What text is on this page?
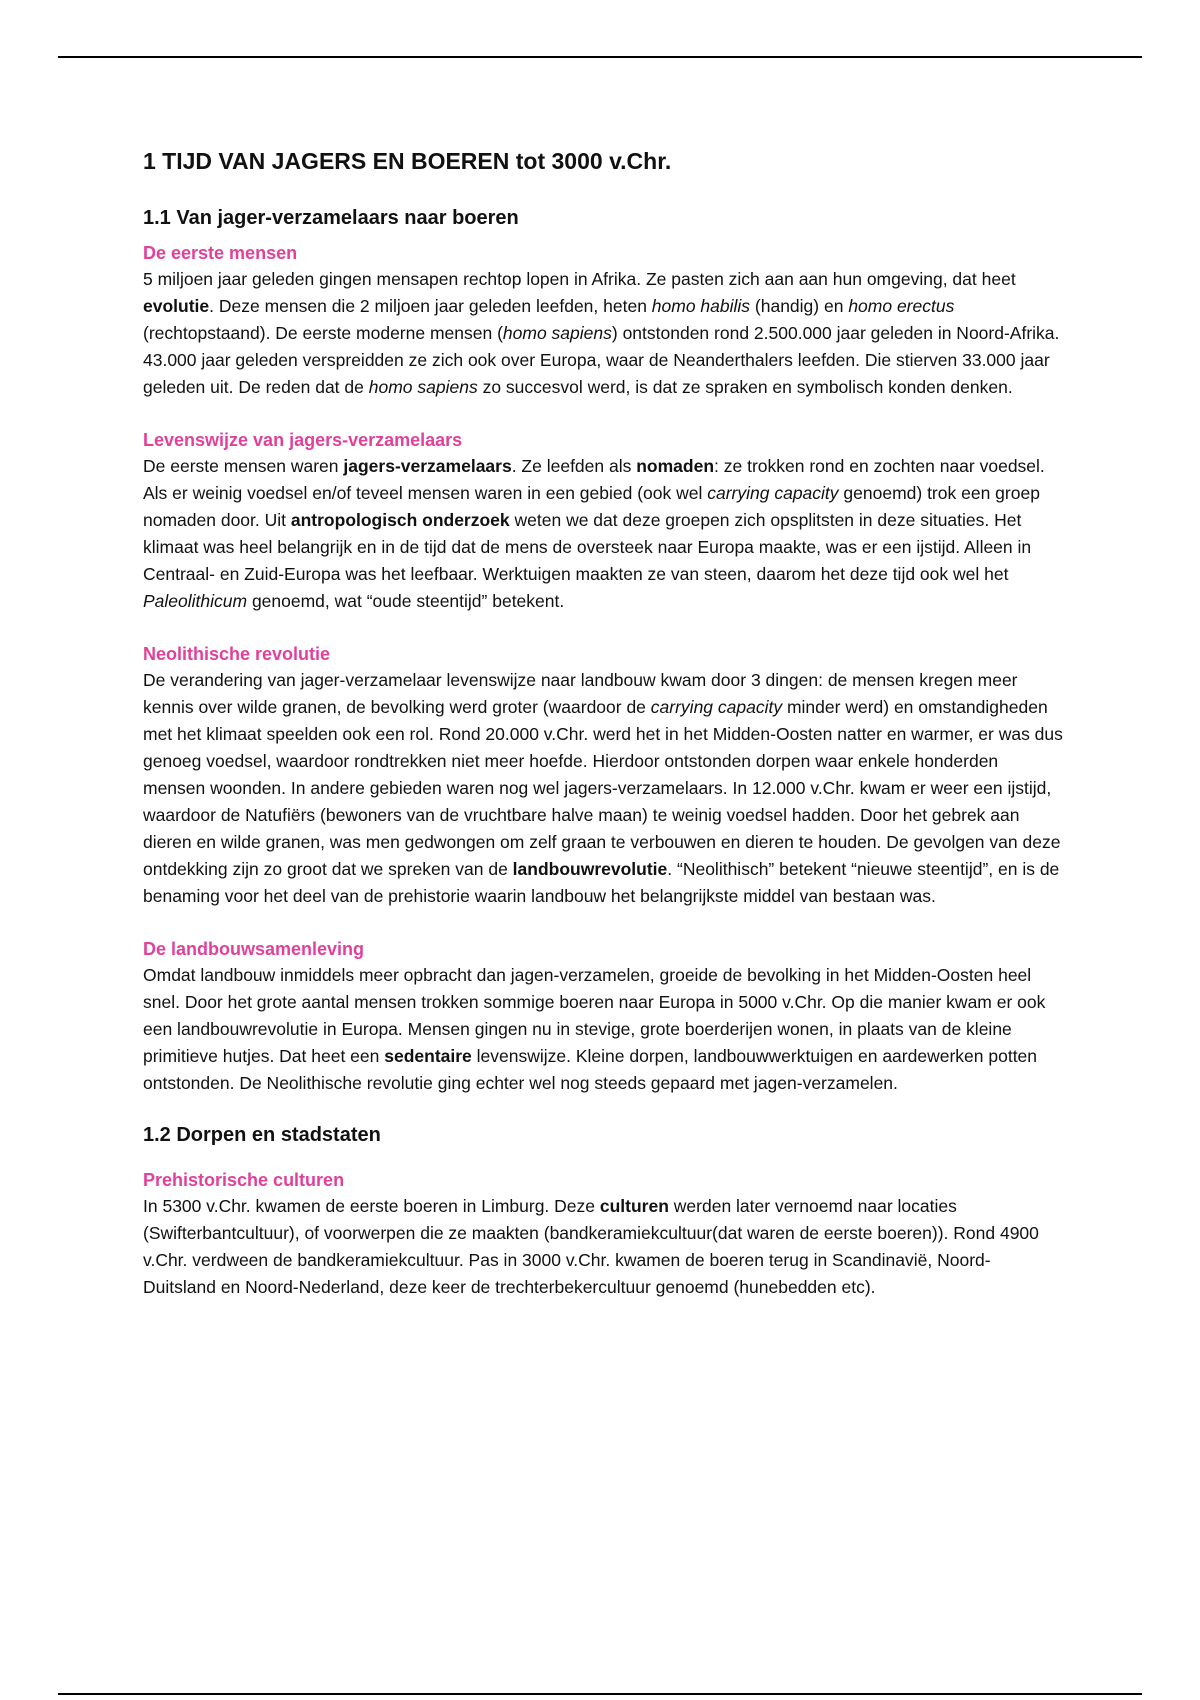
1 TIJD VAN JAGERS EN BOEREN tot 3000 v.Chr.
1.1 Van jager-verzamelaars naar boeren
De eerste mensen

5 miljoen jaar geleden gingen mensapen rechtop lopen in Afrika. Ze pasten zich aan aan hun omgeving, dat heet evolutie. Deze mensen die 2 miljoen jaar geleden leefden, heten homo habilis (handig) en homo erectus (rechtopstaand). De eerste moderne mensen (homo sapiens) ontstonden rond 2.500.000 jaar geleden in Noord-Afrika. 43.000 jaar geleden verspreidden ze zich ook over Europa, waar de Neanderthalers leefden. Die stierven 33.000 jaar geleden uit. De reden dat de homo sapiens zo succesvol werd, is dat ze spraken en symbolisch konden denken.

Levenswijze van jagers-verzamelaars

De eerste mensen waren jagers-verzamelaars. Ze leefden als nomaden: ze trokken rond en zochten naar voedsel. Als er weinig voedsel en/of teveel mensen waren in een gebied (ook wel carrying capacity genoemd) trok een groep nomaden door. Uit antropologisch onderzoek weten we dat deze groepen zich opsplitsten in deze situaties. Het klimaat was heel belangrijk en in de tijd dat de mens de oversteek naar Europa maakte, was er een ijstijd. Alleen in Centraal- en Zuid-Europa was het leefbaar. Werktuigen maakten ze van steen, daarom het deze tijd ook wel het Paleolithicum genoemd, wat “oude steentijd” betekent.

Neolithische revolutie

De verandering van jager-verzamelaar levenswijze naar landbouw kwam door 3 dingen: de mensen kregen meer kennis over wilde granen, de bevolking werd groter (waardoor de carrying capacity minder werd) en omstandigheden met het klimaat speelden ook een rol. Rond 20.000 v.Chr. werd het in het Midden-Oosten natter en warmer, er was dus genoeg voedsel, waardoor rondtrekken niet meer hoefde. Hierdoor ontstonden dorpen waar enkele honderden mensen woonden. In andere gebieden waren nog wel jagers-verzamelaars. In 12.000 v.Chr. kwam er weer een ijstijd, waardoor de Natufiërs (bewoners van de vruchtbare halve maan) te weinig voedsel hadden. Door het gebrek aan dieren en wilde granen, was men gedwongen om zelf graan te verbouwen en dieren te houden. De gevolgen van deze ontdekking zijn zo groot dat we spreken van de landbouwrevolutie. “Neolithisch” betekent “nieuwe steentijd”, en is de benaming voor het deel van de prehistorie waarin landbouw het belangrijkste middel van bestaan was.

De landbouwsamenleving

Omdat landbouw inmiddels meer opbracht dan jagen-verzamelen, groeide de bevolking in het Midden-Oosten heel snel. Door het grote aantal mensen trokken sommige boeren naar Europa in 5000 v.Chr. Op die manier kwam er ook een landbouwrevolutie in Europa. Mensen gingen nu in stevige, grote boerderijen wonen, in plaats van de kleine primitieve hutjes. Dat heet een sedentaire levenswijze. Kleine dorpen, landbouwwerktuigen en aardewerken potten ontstonden. De Neolithische revolutie ging echter wel nog steeds gepaard met jagen-verzamelen.

1.2 Dorpen en stadstaten
Prehistorische culturen

In 5300 v.Chr. kwamen de eerste boeren in Limburg. Deze culturen werden later vernoemd naar locaties (Swifterbantcultuur), of voorwerpen die ze maakten (bandkeramiekcultuur(dat waren de eerste boeren)). Rond 4900 v.Chr. verdween de bandkeramiekcultuur. Pas in 3000 v.Chr. kwamen de boeren terug in Scandinavië, Noord-Duitsland en Noord-Nederland, deze keer de trechterbekercultuur genoemd (hunebedden etc).
